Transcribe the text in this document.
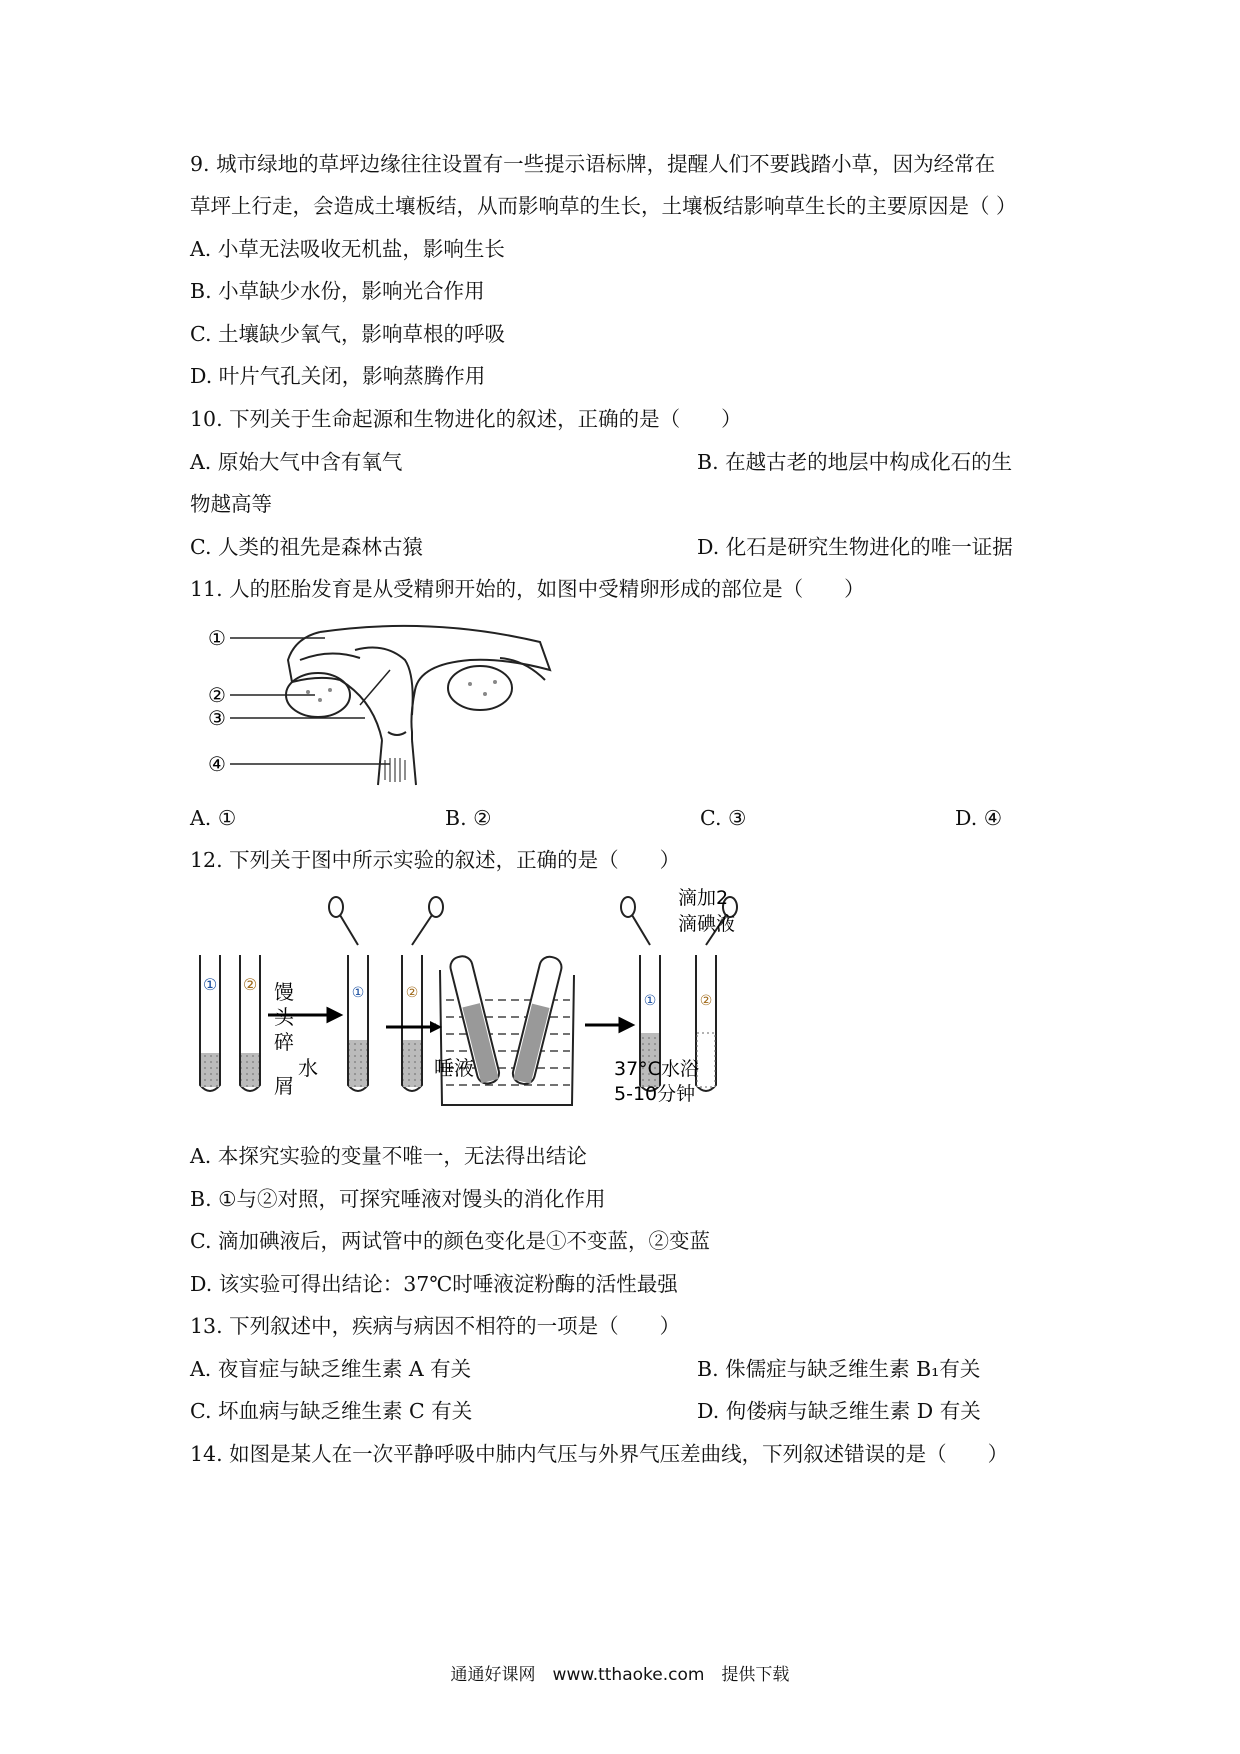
9. 城市绿地的草坪边缘往往设置有一些提示语标牌，提醒人们不要践踏小草，因为经常在
草坪上行走，会造成土壤板结，从而影响草的生长，土壤板结影响草生长的主要原因是（ ）
A. 小草无法吸收无机盐，影响生长
B. 小草缺少水份，影响光合作用
C. 土壤缺少氧气，影响草根的呼吸
D. 叶片气孔关闭，影响蒸腾作用
10. 下列关于生命起源和生物进化的叙述，正确的是（　　）
A. 原始大气中含有氧气	B. 在越古老的地层中构成化石的生
物越高等
C. 人类的祖先是森林古猿	D. 化石是研究生物进化的唯一证据
11. 人的胚胎发育是从受精卵开始的，如图中受精卵形成的部位是（　　）
①
②
③
④
A. ①	B. ②	C. ③	D. ④
12. 下列关于图中所示实验的叙述，正确的是（　　）
① ②	①	②	①	②
馒
头
碎
屑
水	唾液	37°C水浴
5-10分钟
滴加2
滴碘液
A. 本探究实验的变量不唯一，无法得出结论
B. ①与②对照，可探究唾液对馒头的消化作用
C. 滴加碘液后，两试管中的颜色变化是①不变蓝，②变蓝
D. 该实验可得出结论：37℃时唾液淀粉酶的活性最强
13. 下列叙述中，疾病与病因不相符的一项是（　　）
A. 夜盲症与缺乏维生素 A 有关	B. 侏儒症与缺乏维生素 B₁有关
C. 坏血病与缺乏维生素 C 有关	D. 佝偻病与缺乏维生素 D 有关
14. 如图是某人在一次平静呼吸中肺内气压与外界气压差曲线，下列叙述错误的是（　　）
通通好课网　www.tthaoke.com　提供下载
